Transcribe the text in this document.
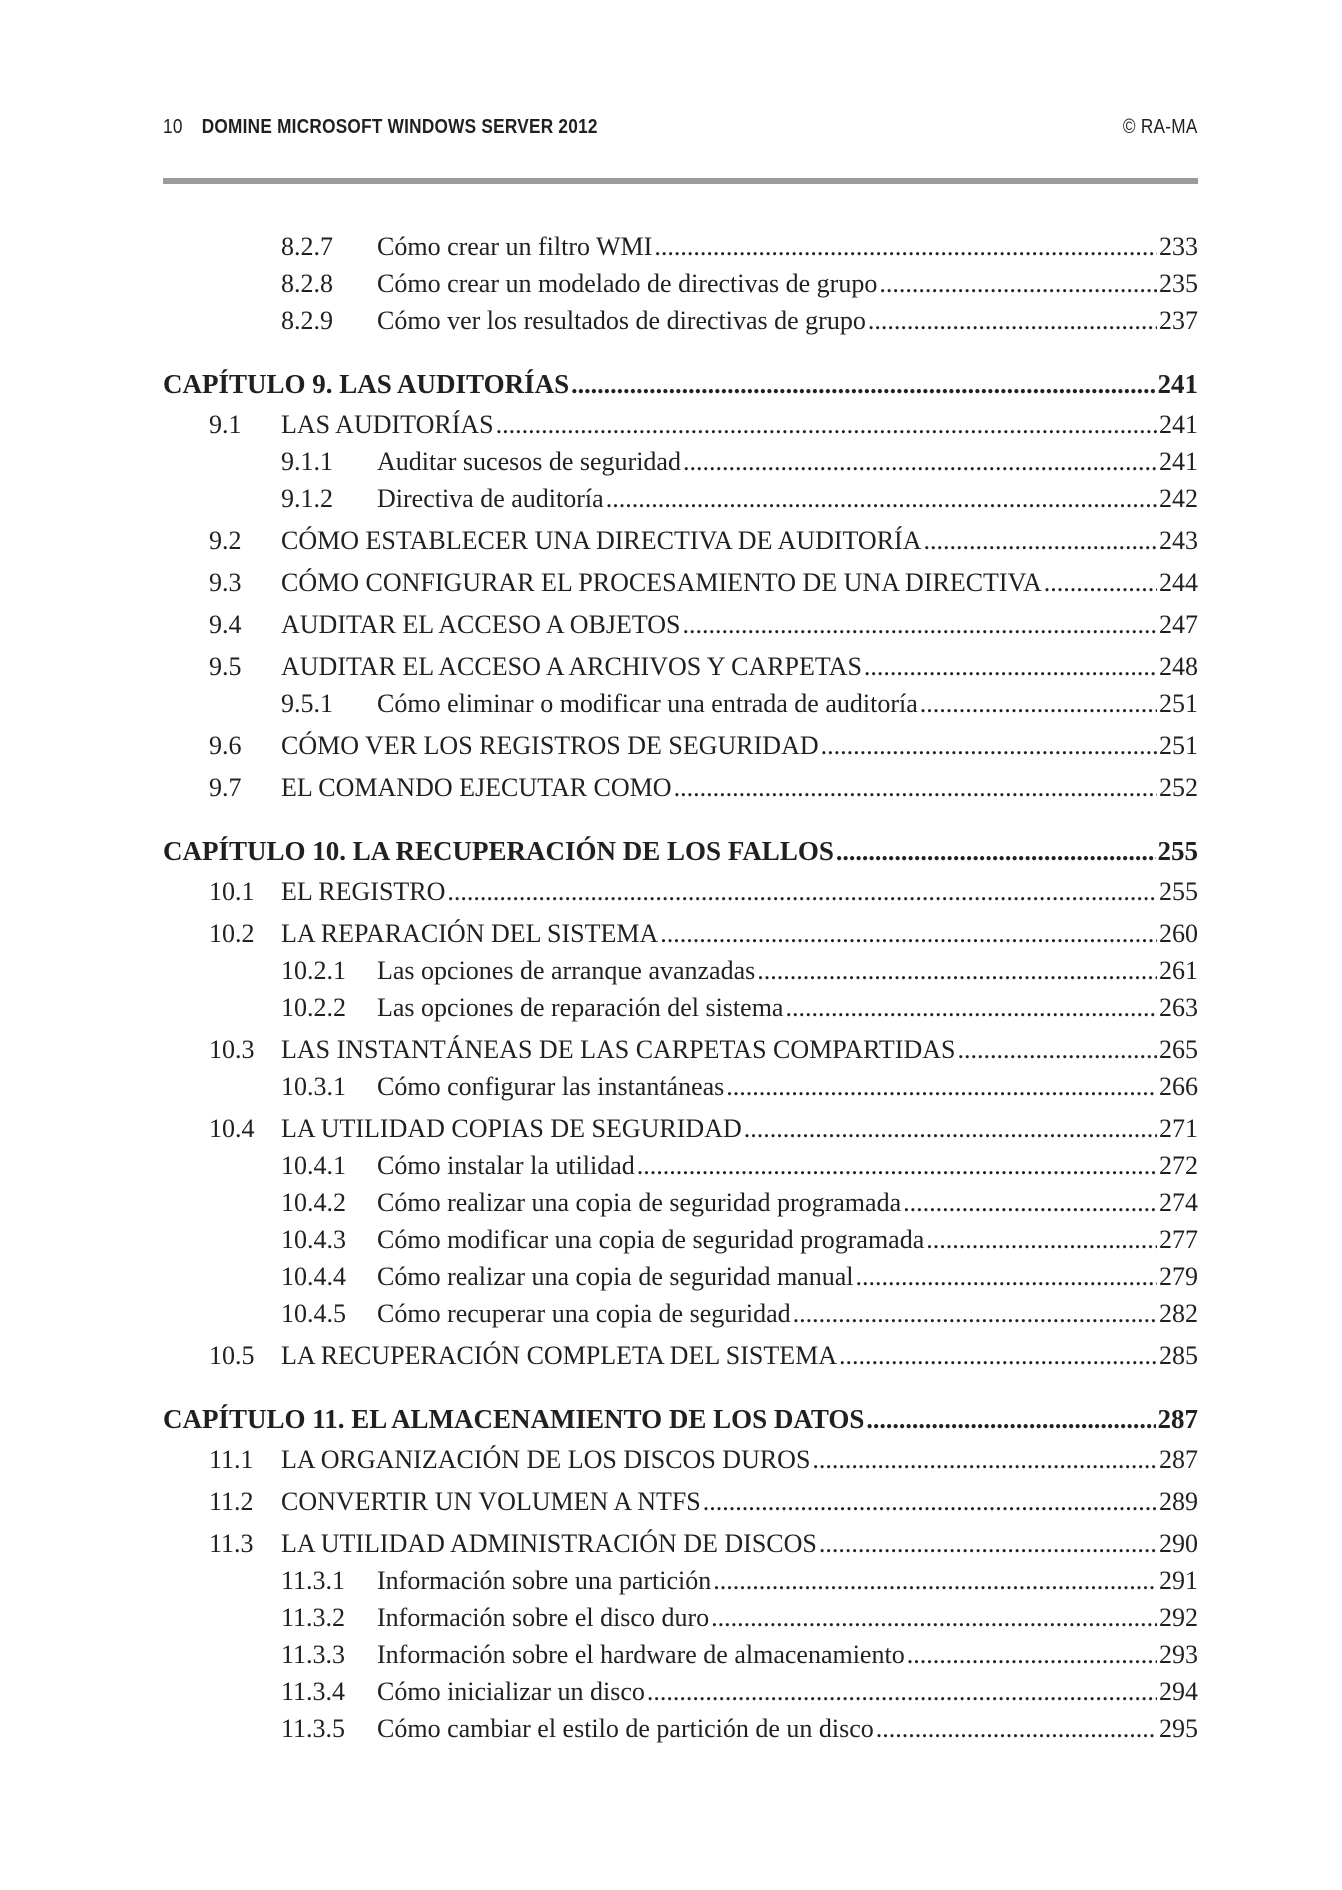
10 DOMINE MICROSOFT WINDOWS SERVER 2012	© RA-MA
8.2.7	Cómo crear un filtro WMI .....	233
8.2.8	Cómo crear un modelado de directivas de grupo .....	235
8.2.9	Cómo ver los resultados de directivas de grupo .....	237
CAPÍTULO 9. LAS AUDITORÍAS .....	241
9.1	LAS AUDITORÍAS .....	241
9.1.1	Auditar sucesos de seguridad .....	241
9.1.2	Directiva de auditoría .....	242
9.2	CÓMO ESTABLECER UNA DIRECTIVA DE AUDITORÍA .....	243
9.3	CÓMO CONFIGURAR EL PROCESAMIENTO DE UNA DIRECTIVA .....	244
9.4	AUDITAR EL ACCESO A OBJETOS .....	247
9.5	AUDITAR EL ACCESO A ARCHIVOS Y CARPETAS .....	248
9.5.1	Cómo eliminar o modificar una entrada de auditoría .....	251
9.6	CÓMO VER LOS REGISTROS DE SEGURIDAD .....	251
9.7	EL COMANDO EJECUTAR COMO .....	252
CAPÍTULO 10. LA RECUPERACIÓN DE LOS FALLOS .....	255
10.1	EL REGISTRO .....	255
10.2	LA REPARACIÓN DEL SISTEMA .....	260
10.2.1	Las opciones de arranque avanzadas .....	261
10.2.2	Las opciones de reparación del sistema .....	263
10.3	LAS INSTANTÁNEAS DE LAS CARPETAS COMPARTIDAS .....	265
10.3.1	Cómo configurar las instantáneas .....	266
10.4	LA UTILIDAD COPIAS DE SEGURIDAD .....	271
10.4.1	Cómo instalar la utilidad .....	272
10.4.2	Cómo realizar una copia de seguridad programada .....	274
10.4.3	Cómo modificar una copia de seguridad programada .....	277
10.4.4	Cómo realizar una copia de seguridad manual .....	279
10.4.5	Cómo recuperar una copia de seguridad .....	282
10.5	LA RECUPERACIÓN COMPLETA DEL SISTEMA .....	285
CAPÍTULO 11. EL ALMACENAMIENTO DE LOS DATOS .....	287
11.1	LA ORGANIZACIÓN DE LOS DISCOS DUROS .....	287
11.2	CONVERTIR UN VOLUMEN A NTFS .....	289
11.3	LA UTILIDAD ADMINISTRACIÓN DE DISCOS .....	290
11.3.1	Información sobre una partición .....	291
11.3.2	Información sobre el disco duro .....	292
11.3.3	Información sobre el hardware de almacenamiento .....	293
11.3.4	Cómo inicializar un disco .....	294
11.3.5	Cómo cambiar el estilo de partición de un disco .....	295
